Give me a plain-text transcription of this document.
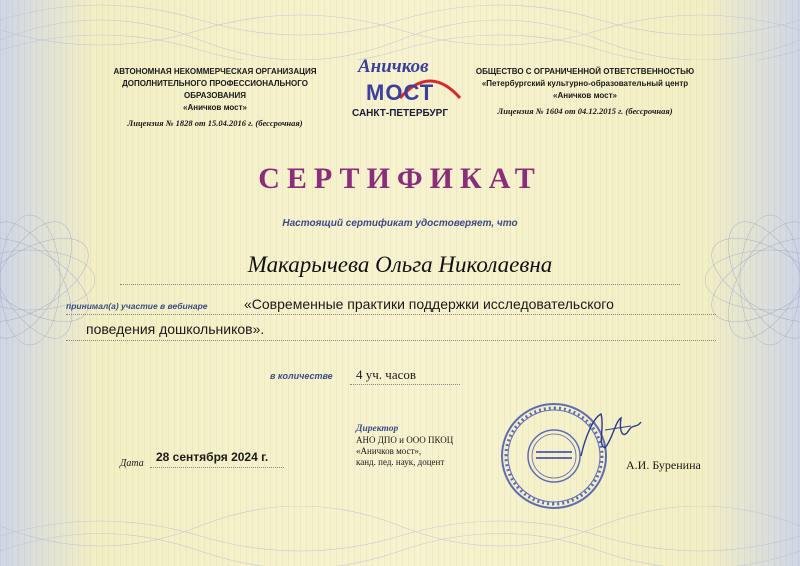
АВТОНОМНАЯ НЕКОММЕРЧЕСКАЯ ОРГАНИЗАЦИЯ
ДОПОЛНИТЕЛЬНОГО ПРОФЕССИОНАЛЬНОГО ОБРАЗОВАНИЯ
«Аничков мост»
Лицензия № 1828 от 15.04.2016 г. (бессрочная)
Аничков
МОСТ
САНКТ-ПЕТЕРБУРГ
ОБЩЕСТВО С ОГРАНИЧЕННОЙ ОТВЕТСТВЕННОСТЬЮ
«Петербургский культурно-образовательный центр
«Аничков мост»
Лицензия № 1604 от 04.12.2015 г. (бессрочная)
СЕРТИФИКАТ
Настоящий сертификат удостоверяет, что
Макарычева Ольга Николаевна
принимал(а) участие в вебинаре	«Современные практики поддержки исследовательского
поведения дошкольников».
в количестве 4 уч. часов
Дата 28 сентября 2024 г.
Директор
АНО ДПО и ООО ПКОЦ
«Аничков мост»,
канд. пед. наук, доцент	А.И. Буренина
